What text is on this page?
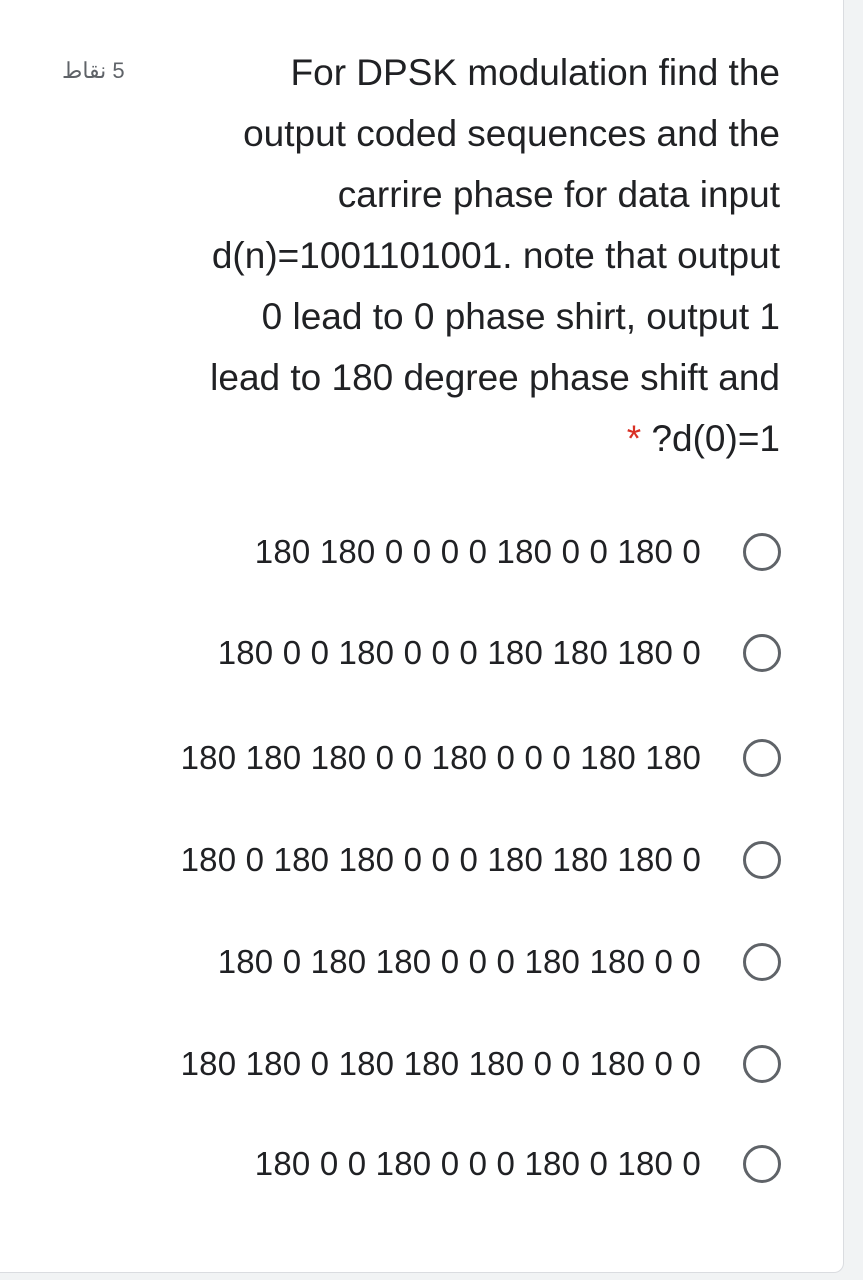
5 نقاط	For DPSK modulation find the
output coded sequences and the
carrire phase for data input
d(n)=1001101001. note that output
0 lead to 0 phase shirt, output 1
lead to 180 degree phase shift and
* ?d(0)=1
180 180 0 0 0 0 180 0 0 180 0
180 0 0 180 0 0 0 180 180 180 0
180 180 180 0 0 180 0 0 0 180 180
180 0 180 180 0 0 0 180 180 180 0
180 0 180 180 0 0 0 180 180 0 0
180 180 0 180 180 180 0 0 180 0 0
180 0 0 180 0 0 0 180 0 180 0
